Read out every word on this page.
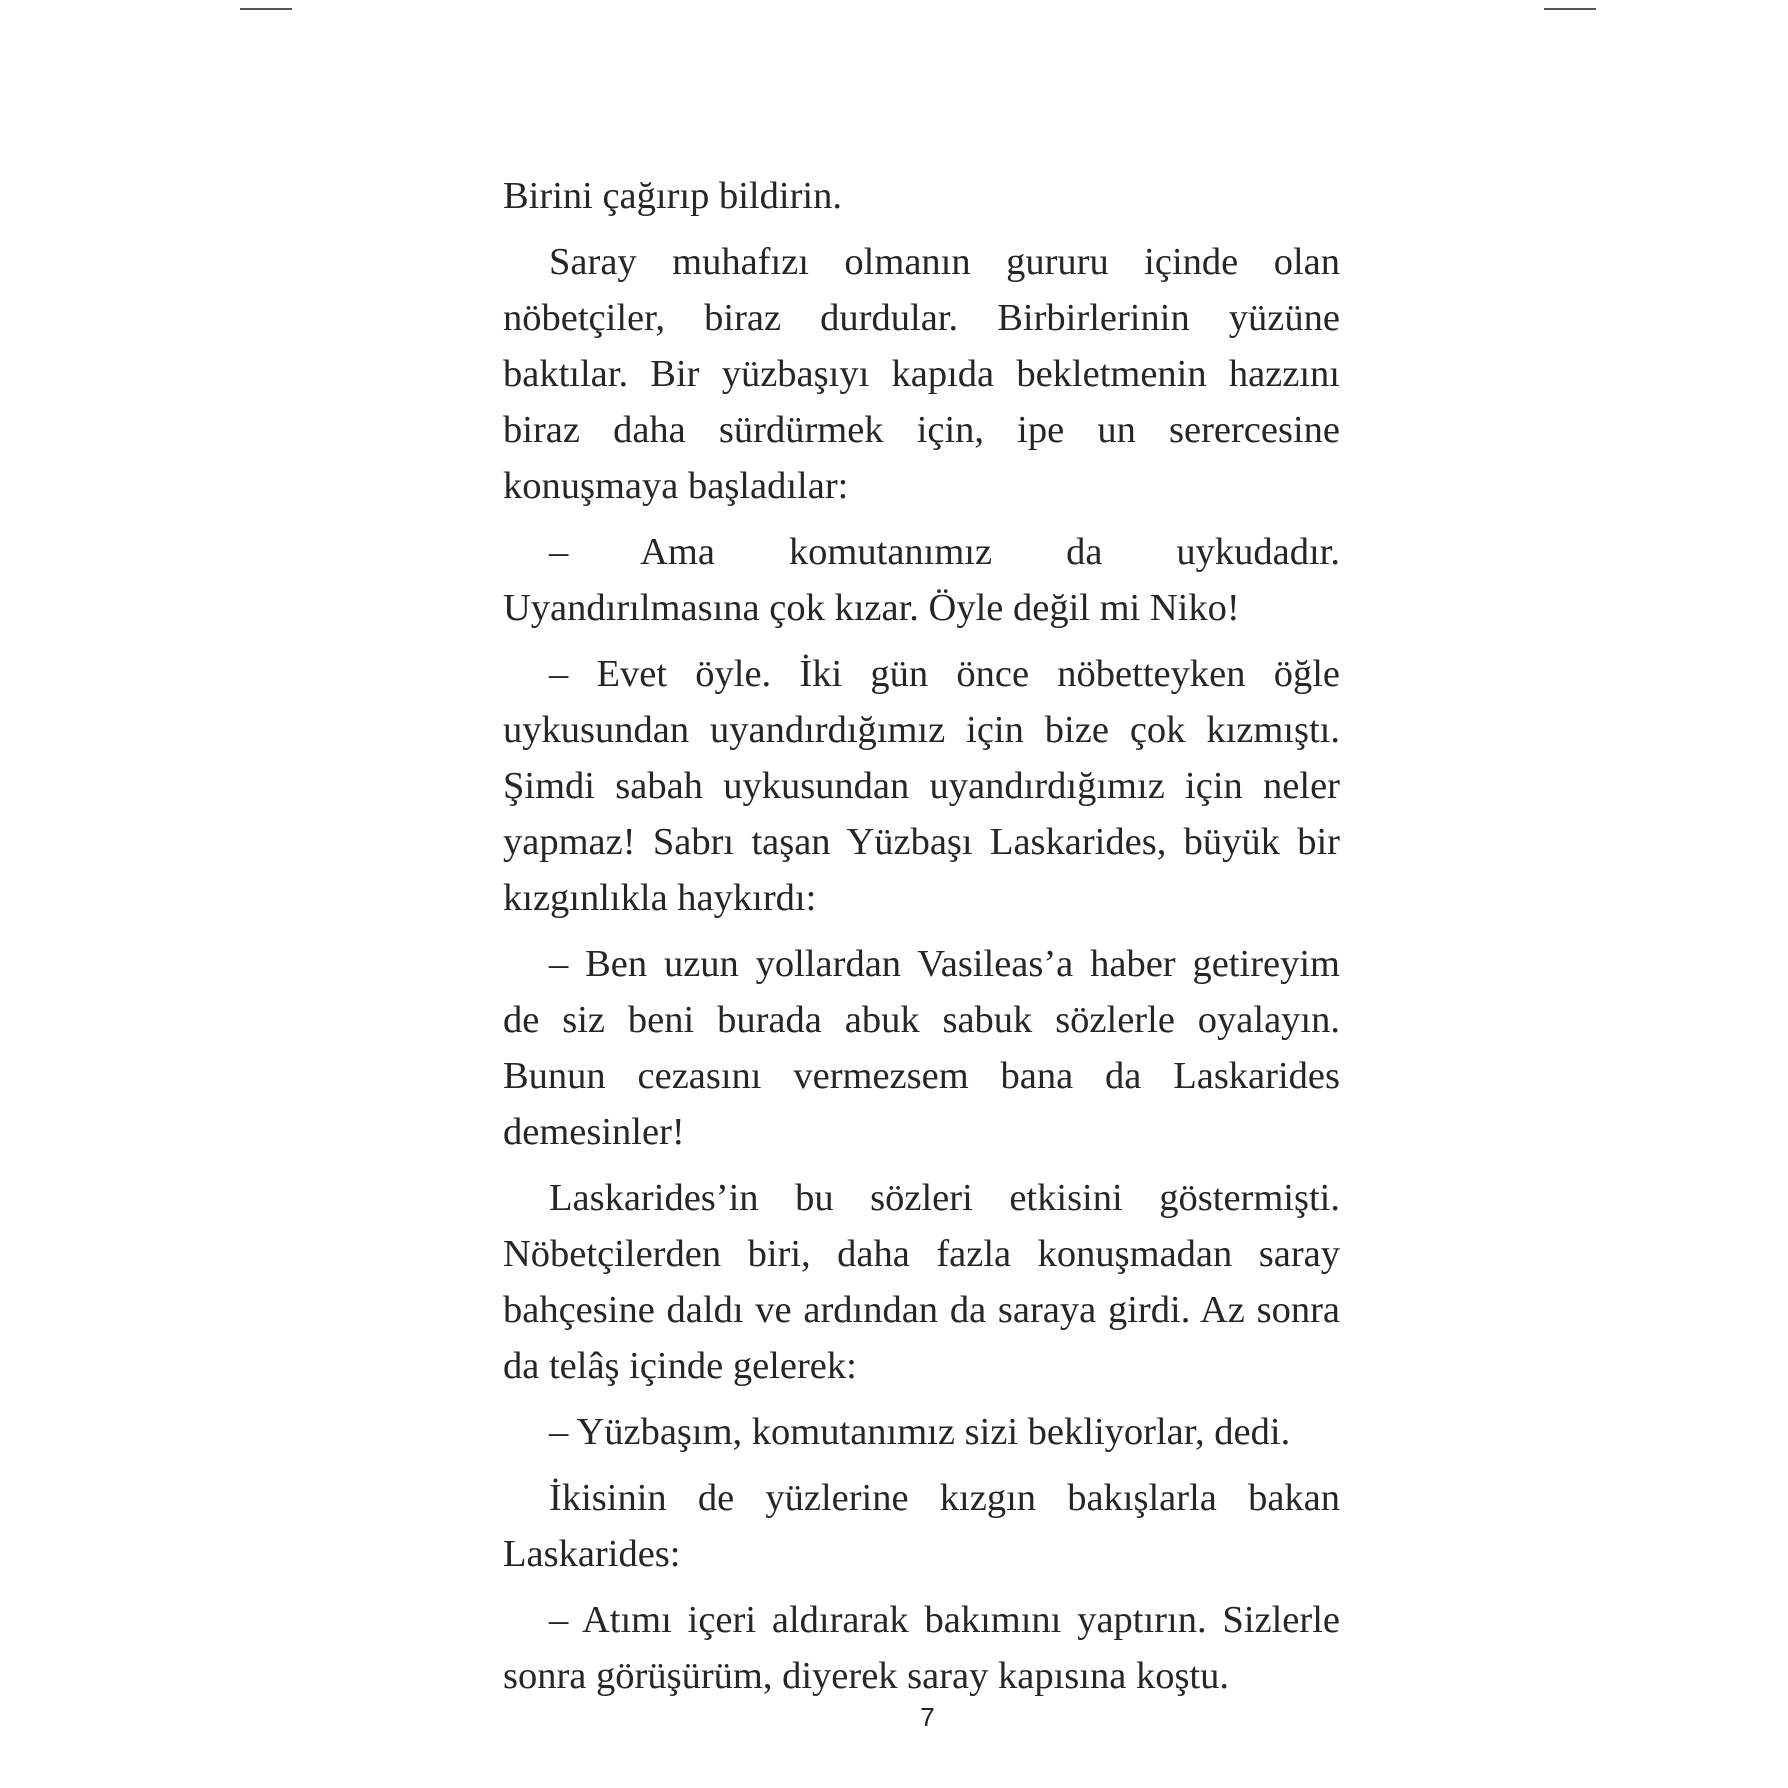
Birini çağırıp bildirin.

Saray muhafızı olmanın gururu içinde olan nöbetçiler, biraz durdular. Birbirlerinin yüzüne baktılar. Bir yüzbaşıyı kapıda bekletmenin hazzını biraz daha sürdürmek için, ipe un serercesine konuşmaya başladılar:

– Ama komutanımız da uykudadır. Uyandırılmasına çok kızar. Öyle değil mi Niko!

– Evet öyle. İki gün önce nöbetteyken öğle uykusundan uyandırdığımız için bize çok kızmıştı. Şimdi sabah uykusundan uyandırdığımız için neler yapmaz! Sabrı taşan Yüzbaşı Laskarides, büyük bir kızgınlıkla haykırdı:

– Ben uzun yollardan Vasileas’a haber getireyim de siz beni burada abuk sabuk sözlerle oyalayın. Bunun cezasını vermezsem bana da Laskarides demesinler!

Laskarides’in bu sözleri etkisini göstermişti. Nöbetçilerden biri, daha fazla konuşmadan saray bahçesine daldı ve ardından da saraya girdi. Az sonra da telâş içinde gelerek:

– Yüzbaşım, komutanımız sizi bekliyorlar, dedi.

İkisinin de yüzlerine kızgın bakışlarla bakan Laskarides:

– Atımı içeri aldırarak bakımını yaptırın. Sizlerle sonra görüşürüm, diyerek saray kapısına koştu.

7
